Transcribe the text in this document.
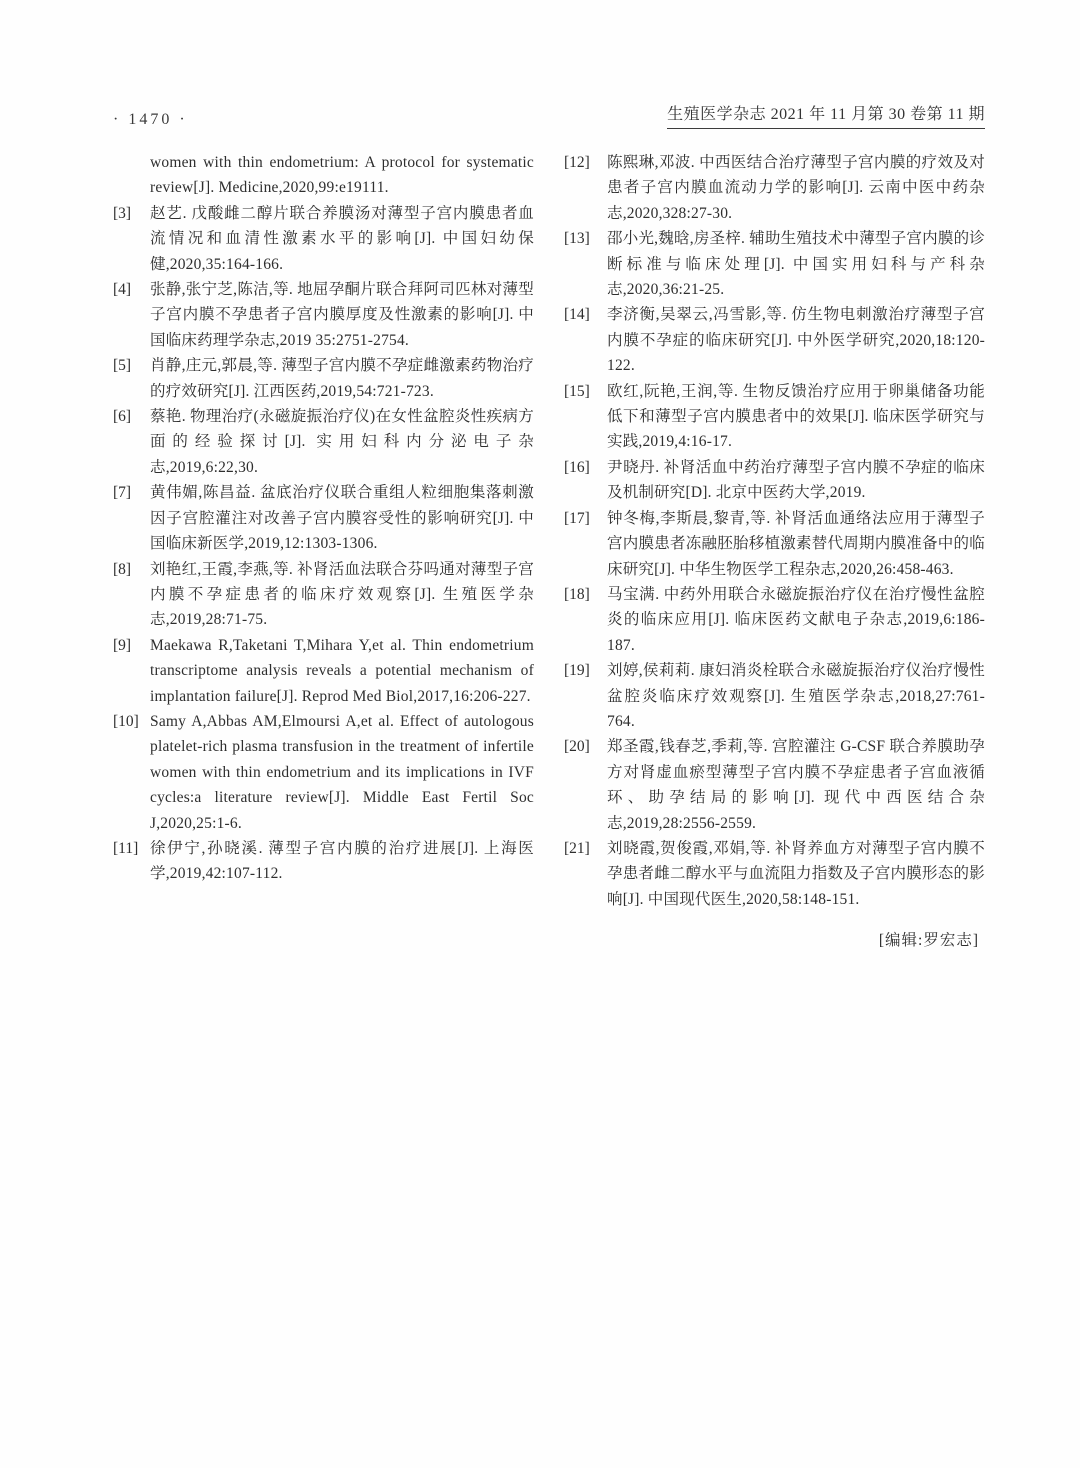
· 1470 ·	生殖医学杂志 2021 年 11 月第 30 卷第 11 期
women with thin endometrium: A protocol for systematic review[J]. Medicine,2020,99:e19111.
[3]	赵艺. 戊酸雌二醇片联合养膜汤对薄型子宫内膜患者血流情况和血清性激素水平的影响[J]. 中国妇幼保健,2020,35:164-166.
[4]	张静,张宁芝,陈洁,等. 地屈孕酮片联合拜阿司匹林对薄型子宫内膜不孕患者子宫内膜厚度及性激素的影响[J]. 中国临床药理学杂志,2019 35:2751-2754.
[5]	肖静,庄元,郭晨,等. 薄型子宫内膜不孕症雌激素药物治疗的疗效研究[J]. 江西医药,2019,54:721-723.
[6]	蔡艳. 物理治疗(永磁旋振治疗仪)在女性盆腔炎性疾病方面的经验探讨[J]. 实用妇科内分泌电子杂志,2019,6:22,30.
[7]	黄伟媚,陈昌益. 盆底治疗仪联合重组人粒细胞集落刺激因子宫腔灌注对改善子宫内膜容受性的影响研究[J]. 中国临床新医学,2019,12:1303-1306.
[8]	刘艳红,王霞,李燕,等. 补肾活血法联合芬吗通对薄型子宫内膜不孕症患者的临床疗效观察[J]. 生殖医学杂志,2019,28:71-75.
[9]	Maekawa R,Taketani T,Mihara Y,et al. Thin endometrium transcriptome analysis reveals a potential mechanism of implantation failure[J]. Reprod Med Biol,2017,16:206-227.
[10] Samy A,Abbas AM,Elmoursi A,et al. Effect of autologous platelet-rich plasma transfusion in the treatment of infertile women with thin endometrium and its implications in IVF cycles:a literature review[J]. Middle East Fertil Soc J,2020,25:1-6.
[11] 徐伊宁,孙晓溪. 薄型子宫内膜的治疗进展[J]. 上海医学,2019,42:107-112.
[12]	陈熙琳,邓波. 中西医结合治疗薄型子宫内膜的疗效及对患者子宫内膜血流动力学的影响[J]. 云南中医中药杂志,2020,328:27-30.
[13]	邵小光,魏晗,房圣梓. 辅助生殖技术中薄型子宫内膜的诊断标准与临床处理[J]. 中国实用妇科与产科杂志,2020,36:21-25.
[14]	李济衡,吴翠云,冯雪影,等. 仿生物电刺激治疗薄型子宫内膜不孕症的临床研究[J]. 中外医学研究,2020,18:120-122.
[15]	欧红,阮艳,王润,等. 生物反馈治疗应用于卵巢储备功能低下和薄型子宫内膜患者中的效果[J]. 临床医学研究与实践,2019,4:16-17.
[16]	尹晓丹. 补肾活血中药治疗薄型子宫内膜不孕症的临床及机制研究[D]. 北京中医药大学,2019.
[17]	钟冬梅,李斯晨,黎青,等. 补肾活血通络法应用于薄型子宫内膜患者冻融胚胎移植激素替代周期内膜准备中的临床研究[J]. 中华生物医学工程杂志,2020,26:458-463.
[18]	马宝满. 中药外用联合永磁旋振治疗仪在治疗慢性盆腔炎的临床应用[J]. 临床医药文献电子杂志,2019,6:186-187.
[19]	刘婷,侯莉莉. 康妇消炎栓联合永磁旋振治疗仪治疗慢性盆腔炎临床疗效观察[J]. 生殖医学杂志,2018,27:761-764.
[20]	郑圣霞,钱春芝,季莉,等. 宫腔灌注 G-CSF 联合养膜助孕方对肾虚血瘀型薄型子宫内膜不孕症患者子宫血液循环、助孕结局的影响[J]. 现代中西医结合杂志,2019,28:2556-2559.
[21]	刘晓霞,贺俊霞,邓娟,等. 补肾养血方对薄型子宫内膜不孕患者雌二醇水平与血流阻力指数及子宫内膜形态的影响[J]. 中国现代医生,2020,58:148-151.
[编辑:罗宏志]
